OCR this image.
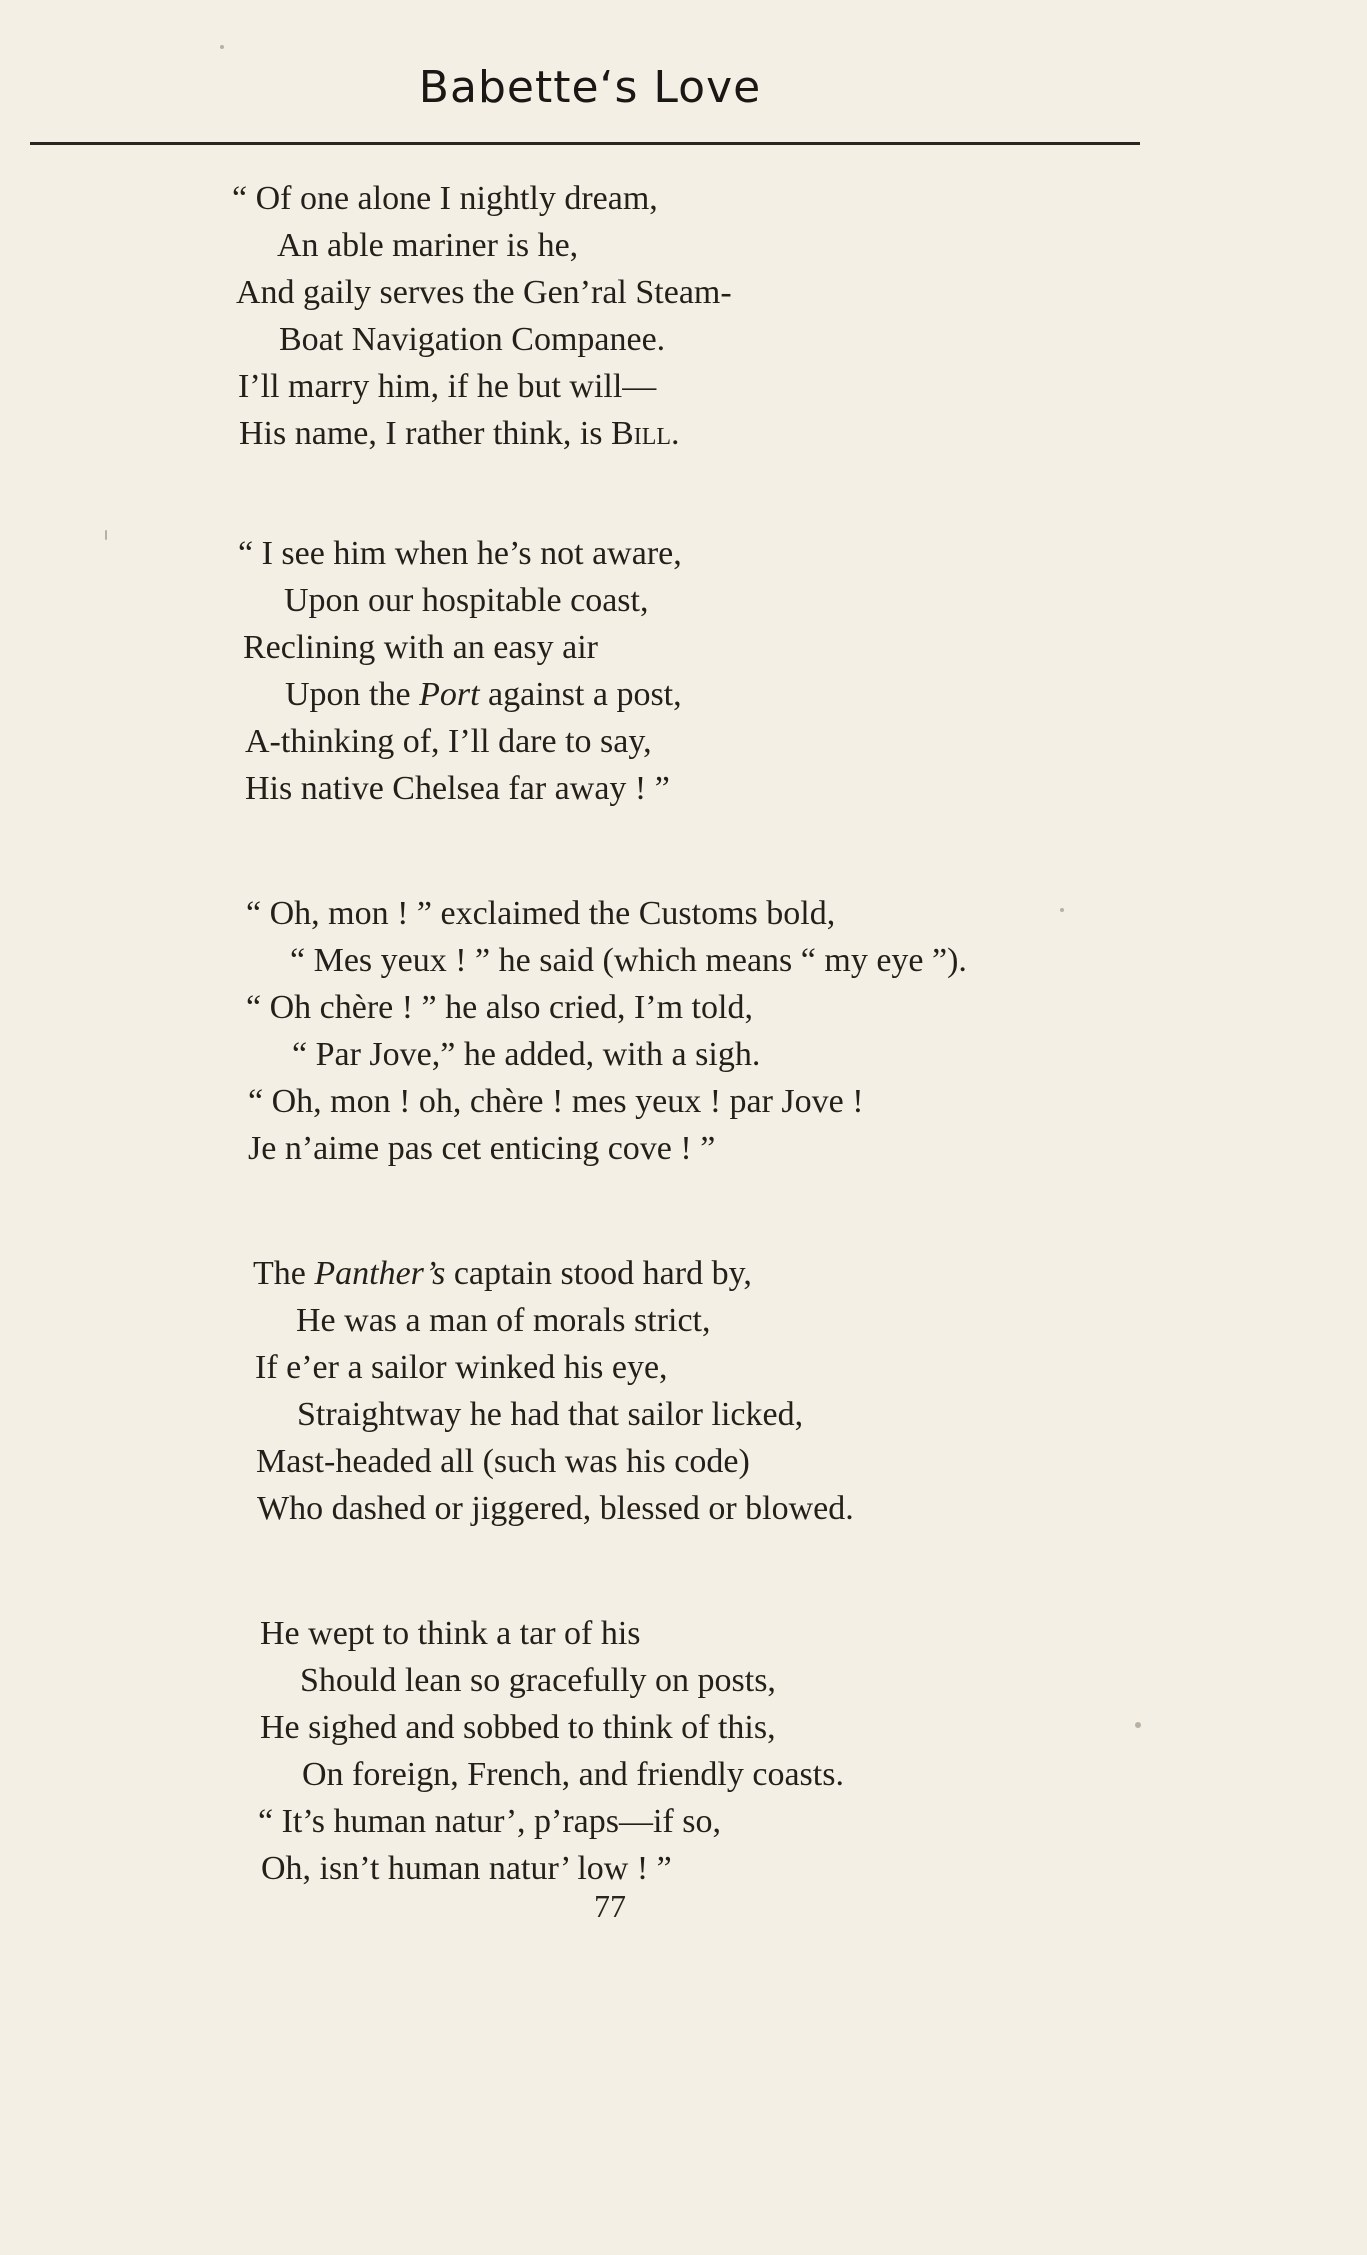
Babette‘s Love
“ Of one alone I nightly dream,
An able mariner is he,
And gaily serves the Gen’ral Steam-
Boat Navigation Companee.
I’ll marry him, if he but will—
His name, I rather think, is Bill.
“ I see him when he’s not aware,
Upon our hospitable coast,
Reclining with an easy air
Upon the Port against a post,
A-thinking of, I’ll dare to say,
His native Chelsea far away ! ”
“ Oh, mon ! ” exclaimed the Customs bold,
“ Mes yeux ! ” he said (which means “ my eye ”).
“ Oh chère ! ” he also cried, I’m told,
“ Par Jove,” he added, with a sigh.
“ Oh, mon ! oh, chère ! mes yeux ! par Jove !
Je n’aime pas cet enticing cove ! ”
The Panther’s captain stood hard by,
He was a man of morals strict,
If e’er a sailor winked his eye,
Straightway he had that sailor licked,
Mast-headed all (such was his code)
Who dashed or jiggered, blessed or blowed.
He wept to think a tar of his
Should lean so gracefully on posts,
He sighed and sobbed to think of this,
On foreign, French, and friendly coasts.
“ It’s human natur’, p’raps—if so,
Oh, isn’t human natur’ low ! ”
77
